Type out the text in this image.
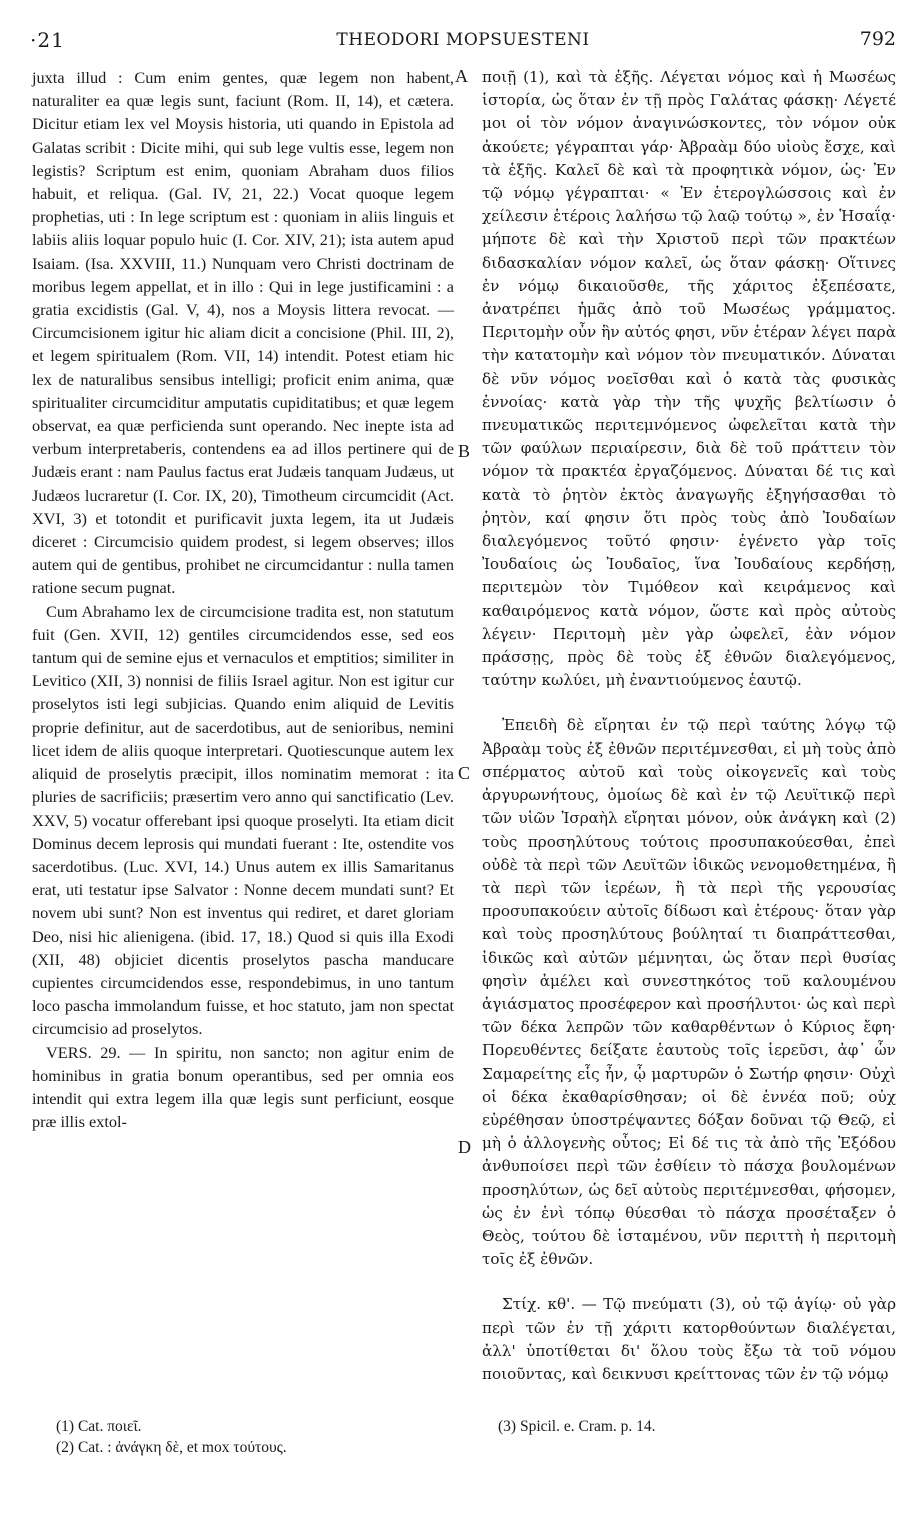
·21	THEODORI MOPSUESTENI	792

juxta illud : Cum enim gentes, quæ legem non habent, naturaliter ea quæ legis sunt, faciunt (Rom. II, 14), et cætera. Dicitur etiam lex vel Moysis historia, uti quando in Epistola ad Galatas scribit : Dicite mihi, qui sub lege vultis esse, legem non legistis? Scriptum est enim, quoniam Abraham duos filios habuit, et reliqua. (Gal. IV, 21, 22.) Vocat quoque legem prophetias, uti : In lege scriptum est : quoniam in aliis linguis et labiis aliis loquar populo huic (I. Cor. XIV, 21); ista autem apud Isaiam. (Isa. XXVIII, 11.) Nunquam vero Christi doctrinam de moribus legem appellat, et in illo : Qui in lege justificamini : a gratia excidistis (Gal. V, 4), nos a Moysis littera revocat. — Circumcisionem igitur hic aliam dicit a concisione (Phil. III, 2), et legem spiritualem (Rom. VII, 14) intendit. Potest etiam hic lex de naturalibus sensibus intelligi; proficit enim anima, quæ spiritualiter circumciditur amputatis cupiditatibus; et quæ legem observat, ea quæ perficienda sunt operando. Nec inepte ista ad verbum interpretaberis, contendens ea ad illos pertinere qui de Judæis erant : nam Paulus factus erat Judæis tanquam Judæus, ut Judæos lucraretur (I. Cor. IX, 20), Timotheum circumcidit (Act. XVI, 3) et totondit et purificavit juxta legem, ita ut Judæis diceret : Circumcisio quidem prodest, si legem observes; illos autem qui de gentibus, prohibet ne circumcidantur : nulla tamen ratione secum pugnat.

Cum Abrahamo lex de circumcisione tradita est, non statutum fuit (Gen. XVII, 12) gentiles circumcidendos esse, sed eos tantum qui de semine ejus et vernaculos et emptitios; similiter in Levitico (XII, 3) nonnisi de filiis Israel agitur. Non est igitur cur proselytos isti legi subjicias. Quando enim aliquid de Levitis proprie definitur, aut de sacerdotibus, aut de senioribus, nemini licet idem de aliis quoque interpretari. Quotiescunque autem lex aliquid de proselytis præcipit, illos nominatim memorat : ita pluries de sacrificiis; præsertim vero anno qui sanctificatio (Lev. XXV, 5) vocatur offerebant ipsi quoque proselyti. Ita etiam dicit Dominus decem leprosis qui mundati fuerant : Ite, ostendite vos sacerdotibus. (Luc. XVI, 14.) Unus autem ex illis Samaritanus erat, uti testatur ipse Salvator : Nonne decem mundati sunt? Et novem ubi sunt? Non est inventus qui rediret, et daret gloriam Deo, nisi hic alienigena. (ibid. 17, 18.) Quod si quis illa Exodi (XII, 48) objiciet dicentis proselytos pascha manducare cupientes circumcidendos esse, respondebimus, in uno tantum loco pascha immolandum fuisse, et hoc statuto, jam non spectat circumcisio ad proselytos.

VERS. 29. — In spiritu, non sancto; non agitur enim de hominibus in gratia bonum operantibus, sed per omnia eos intendit qui extra legem illa quæ legis sunt perficiunt, eosque præ illis extol-

A
B
C
D

ποιῇ (1), καὶ τὰ ἑξῆς. Λέγεται νόμος καὶ ἡ Μωσέως ἱστορία, ὡς ὅταν ἐν τῇ πρὸς Γαλάτας φάσκῃ· Λέγετέ μοι οἱ τὸν νόμον ἀναγινώσκοντες, τὸν νόμον οὐκ ἀκούετε; γέγραπται γάρ· Ἀβραὰμ δύο υἱοὺς ἔσχε, καὶ τὰ ἑξῆς. Καλεῖ δὲ καὶ τὰ προφητικὰ νόμον, ὡς· Ἐν τῷ νόμῳ γέγραπται· « Ἐν ἑτερογλώσσοις καὶ ἐν χείλεσιν ἑτέροις λαλήσω τῷ λαῷ τούτῳ », ἐν Ἡσαΐᾳ· μήποτε δὲ καὶ τὴν Χριστοῦ περὶ τῶν πρακτέων διδασκαλίαν νόμον καλεῖ, ὡς ὅταν φάσκῃ· Οἵτινες ἐν νόμῳ δικαιοῦσθε, τῆς χάριτος ἐξεπέσατε, ἀνατρέπει ἡμᾶς ἀπὸ τοῦ Μωσέως γράμματος. Περιτομὴν οὖν ἣν αὐτός φησι, νῦν ἑτέραν λέγει παρὰ τὴν κατατομὴν καὶ νόμον τὸν πνευματικόν. Δύναται δὲ νῦν νόμος νοεῖσθαι καὶ ὁ κατὰ τὰς φυσικὰς ἐννοίας· κατὰ γὰρ τὴν τῆς ψυχῆς βελτίωσιν ὁ πνευματικῶς περιτεμνόμενος ὠφελεῖται κατὰ τὴν τῶν φαύλων περιαίρεσιν, διὰ δὲ τοῦ πράττειν τὸν νόμον τὰ πρακτέα ἐργαζόμενος. Δύναται δέ τις καὶ κατὰ τὸ ῥητὸν ἐκτὸς ἀναγωγῆς ἐξηγήσασθαι τὸ ῥητὸν, καί φησιν ὅτι πρὸς τοὺς ἀπὸ Ἰουδαίων διαλεγόμενος τοῦτό φησιν· ἐγένετο γὰρ τοῖς Ἰουδαίοις ὡς Ἰουδαῖος, ἵνα Ἰουδαίους κερδήσῃ, περιτεμὼν τὸν Τιμόθεον καὶ κειράμενος καὶ καθαιρόμενος κατὰ νόμον, ὥστε καὶ πρὸς αὐτοὺς λέγειν· Περιτομὴ μὲν γὰρ ὠφελεῖ, ἐὰν νόμον πράσσῃς, πρὸς δὲ τοὺς ἐξ ἐθνῶν διαλεγόμενος, ταύτην κωλύει, μὴ ἐναντιούμενος ἑαυτῷ.

Ἐπειδὴ δὲ εἴρηται ἐν τῷ περὶ ταύτης λόγῳ τῷ Ἀβραὰμ τοὺς ἐξ ἐθνῶν περιτέμνεσθαι, εἰ μὴ τοὺς ἀπὸ σπέρματος αὐτοῦ καὶ τοὺς οἰκογενεῖς καὶ τοὺς ἀργυρωνήτους, ὁμοίως δὲ καὶ ἐν τῷ Λευϊτικῷ περὶ τῶν υἱῶν Ἰσραὴλ εἴρηται μόνον, οὐκ ἀνάγκη καὶ (2) τοὺς προσηλύτους τούτοις προσυπακούεσθαι, ἐπεὶ οὐδὲ τὰ περὶ τῶν Λευϊτῶν ἰδικῶς νενομοθετημένα, ἢ τὰ περὶ τῶν ἱερέων, ἢ τὰ περὶ τῆς γερουσίας προσυπακούειν αὐτοῖς δίδωσι καὶ ἑτέρους· ὅταν γὰρ καὶ τοὺς προσηλύτους βούληταί τι διαπράττεσθαι, ἰδικῶς καὶ αὐτῶν μέμνηται, ὡς ὅταν περὶ θυσίας φησὶν ἀμέλει καὶ συνεστηκότος τοῦ καλουμένου ἁγιάσματος προσέφερον καὶ προσήλυτοι· ὡς καὶ περὶ τῶν δέκα λεπρῶν τῶν καθαρθέντων ὁ Κύριος ἔφη· Πορευθέντες δείξατε ἑαυτοὺς τοῖς ἱερεῦσι, ἀφ᾽ ὧν Σαμαρείτης εἷς ἦν, ᾧ μαρτυρῶν ὁ Σωτήρ φησιν· Οὐχὶ οἱ δέκα ἐκαθαρίσθησαν; οἱ δὲ ἐννέα ποῦ; οὐχ εὑρέθησαν ὑποστρέψαντες δόξαν δοῦναι τῷ Θεῷ, εἰ μὴ ὁ ἀλλογενὴς οὗτος; Εἰ δέ τις τὰ ἀπὸ τῆς Ἐξόδου ἀνθυποίσει περὶ τῶν ἐσθίειν τὸ πάσχα βουλομένων προσηλύτων, ὡς δεῖ αὐτοὺς περιτέμνεσθαι, φήσομεν, ὡς ἐν ἑνὶ τόπῳ θύεσθαι τὸ πάσχα προσέταξεν ὁ Θεὸς, τούτου δὲ ἱσταμένου, νῦν περιττὴ ἡ περιτομὴ τοῖς ἐξ ἐθνῶν.

Στίχ. κθ'. — Τῷ πνεύματι (3), οὐ τῷ ἁγίῳ· οὐ γὰρ περὶ τῶν ἐν τῇ χάριτι κατορθούντων διαλέγεται, ἀλλ' ὑποτίθεται δι' ὅλου τοὺς ἔξω τὰ τοῦ νόμου ποιοῦντας, καὶ δεικνυσι κρείττονας τῶν ἐν τῷ νόμῳ

(1) Cat. ποιεῖ.
(2) Cat. : ἀνάγκη δὲ, et mox τούτους.
(3) Spicil. e. Cram. p. 14.
